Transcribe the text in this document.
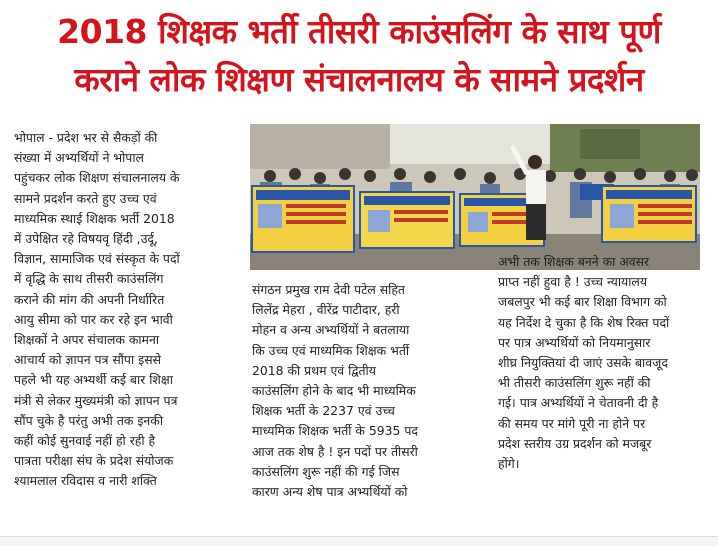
2018 शिक्षक भर्ती तीसरी काउंसलिंग के साथ पूर्ण
कराने लोक शिक्षण संचालनालय के सामने प्रदर्शन
भोपाल - प्रदेश भर से सैकड़ों की
संख्या में अभ्यर्थियों ने भोपाल
पहुंचकर लोक शिक्षण संचालनालय के
सामने प्रदर्शन करते हुए उच्च एवं
माध्यमिक स्थाई शिक्षक भर्ती 2018
में उपेक्षित रहे विषयवृ हिंदी ,उर्दू,
विज्ञान, सामाजिक एवं संस्कृत के पदों
में वृद्धि के साथ तीसरी काउंसलिंग
कराने की मांग की अपनी निर्धारित
आयु सीमा को पार कर रहे इन भावी
शिक्षकों ने अपर संचालक कामना
आचार्य को ज्ञापन पत्र सौंपा इससे
पहले भी यह अभ्यर्थी कई बार शिक्षा
मंत्री से लेकर मुख्यमंत्री को ज्ञापन पत्र
सौंप चुके है परंतु अभी तक इनकी
कहीं कोई सुनवाई नहीं हो रही है
पात्रता परीक्षा संघ के प्रदेश संयोजक
श्यामलाल रविदास व नारी शक्ति
संगठन प्रमुख राम देवी पटेल सहित
लिलेंद्र मेहरा , वीरेंद्र पाटीदार, हरी
मोहन व अन्य अभ्यर्थियों ने बतलाया
कि उच्च एवं माध्यमिक शिक्षक भर्ती
2018 की प्रथम एवं द्वितीय
काउंसलिंग होने के बाद भी माध्यमिक
शिक्षक भर्ती के 2237 एवं उच्च
माध्यमिक शिक्षक भर्ती के 5935 पद
आज तक शेष है ! इन पदों पर तीसरी
काउंसलिंग शुरू नहीं की गई जिस
कारण अन्य शेष पात्र अभ्यर्थियों को
अभी तक शिक्षक बनने का अवसर
प्राप्त नहीं हुवा है ! उच्च न्यायालय
जबलपुर भी कई बार शिक्षा विभाग को
यह निर्देश दे चुका है कि शेष रिक्त पदों
पर पात्र अभ्यर्थियों को नियमानुसार
शीघ्र नियुक्तियां दी जाएं उसके बावजूद
भी तीसरी काउंसलिंग शुरू नहीं की
गई। पात्र अभ्यर्थियों ने चेतावनी दी है
की समय पर मांगे पूरी ना होने पर
प्रदेश स्तरीय उग्र प्रदर्शन को मजबूर
होंगे।
